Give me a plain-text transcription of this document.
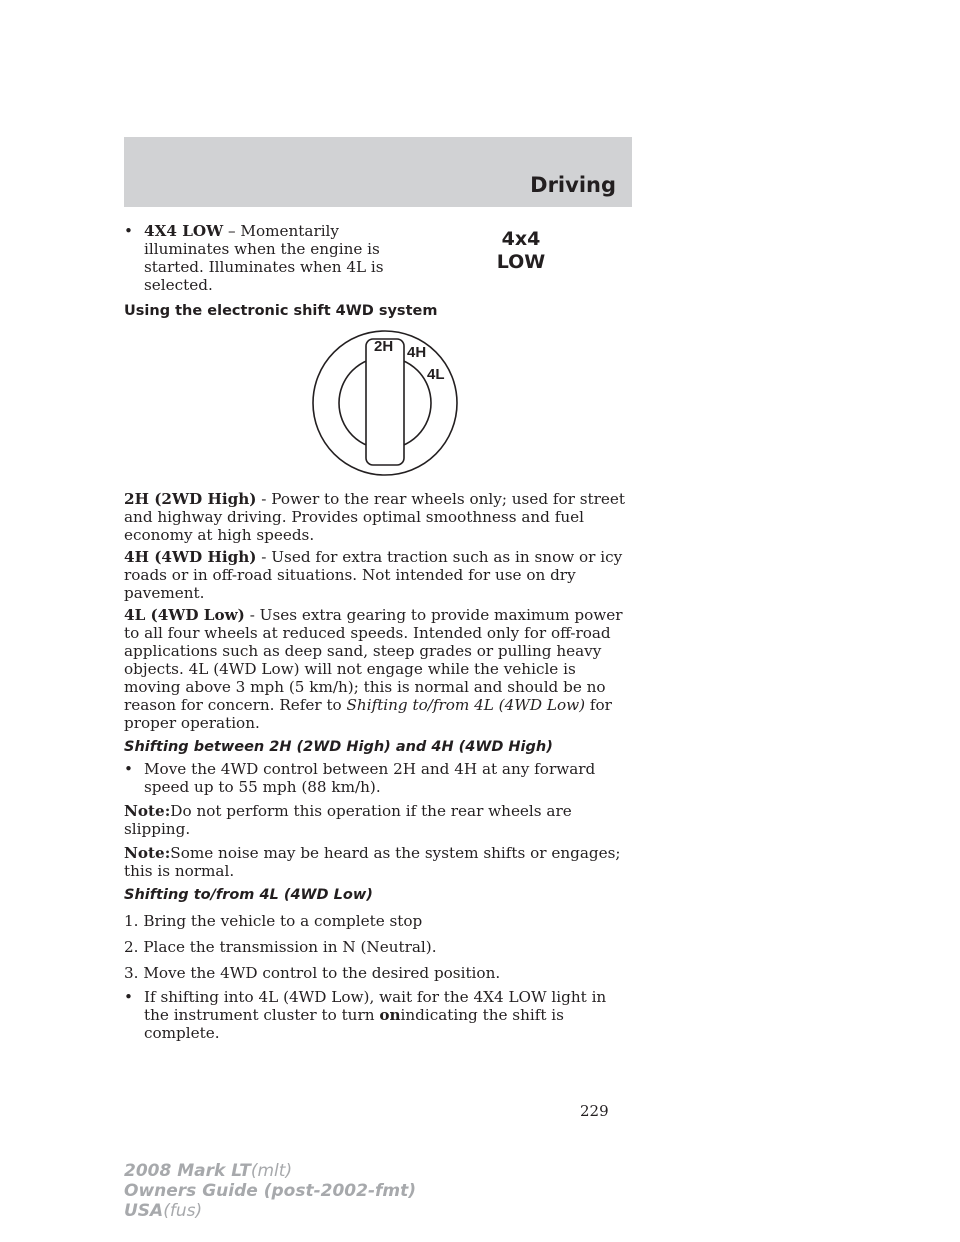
Driving
4x4
LOW
2H 4H
4L
• 4X4 LOW – Momentarily illuminates when the engine is started. Illuminates when 4L is selected.

Using the electronic shift 4WD system

2H (2WD High) - Power to the rear wheels only; used for street and highway driving. Provides optimal smoothness and fuel economy at high speeds.

4H (4WD High) - Used for extra traction such as in snow or icy roads or in off-road situations. Not intended for use on dry pavement.

4L (4WD Low) - Uses extra gearing to provide maximum power to all four wheels at reduced speeds. Intended only for off-road applications such as deep sand, steep grades or pulling heavy objects. 4L (4WD Low) will not engage while the vehicle is moving above 3 mph (5 km/h); this is normal and should be no reason for concern. Refer to Shifting to/from 4L (4WD Low) for proper operation.

Shifting between 2H (2WD High) and 4H (4WD High)

• Move the 4WD control between 2H and 4H at any forward speed up to 55 mph (88 km/h).

Note:Do not perform this operation if the rear wheels are slipping.

Note:Some noise may be heard as the system shifts or engages; this is normal.

Shifting to/from 4L (4WD Low)

1. Bring the vehicle to a complete stop

2. Place the transmission in N (Neutral).

3. Move the 4WD control to the desired position.

• If shifting into 4L (4WD Low), wait for the 4X4 LOW light in the instrument cluster to turn onindicating the shift is complete.
229
2008 Mark LT(mlt)
Owners Guide (post-2002-fmt)
USA(fus)
